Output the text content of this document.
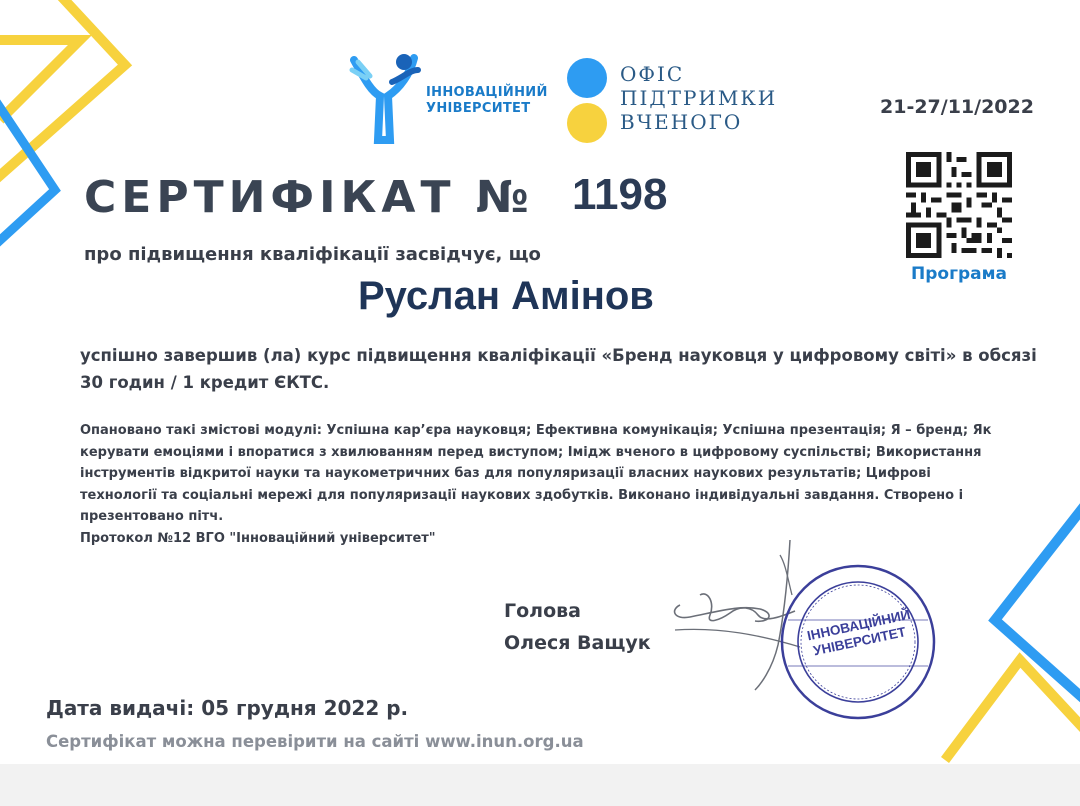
ІННОВАЦІЙНИЙ
УНІВЕРСИТЕТ
ОФІС
ПІДТРИМКИ
ВЧЕНОГО
21-27/11/2022
Програма
СЕРТИФІКАТ № 1198
про підвищення кваліфікації засвідчує, що
Руслан Амінов
успішно завершив (ла) курс підвищення кваліфікації «Бренд науковця у цифровому світі» в обсязі 30 годин / 1 кредит ЄКТС.
Опановано такі змістові модулі: Успішна кар’єра науковця; Ефективна комунікація; Успішна презентація; Я – бренд; Як керувати емоціями і впоратися з хвилюванням перед виступом; Імідж вченого в цифровому суспільстві; Використання інструментів відкритої науки та наукометричних баз для популяризації власних наукових результатів; Цифрові технології та соціальні мережі для популяризації наукових здобутків. Виконано індивідуальні завдання. Створено і презентовано пітч.
Протокол №12 ВГО "Інноваційний університет"
Голова
Олеся Ващук	ІННОВАЦІЙНИЙ
УНІВЕРСИТЕТ
Дата видачі: 05 грудня 2022 р.
Сертифікат можна перевірити на сайті www.inun.org.ua
